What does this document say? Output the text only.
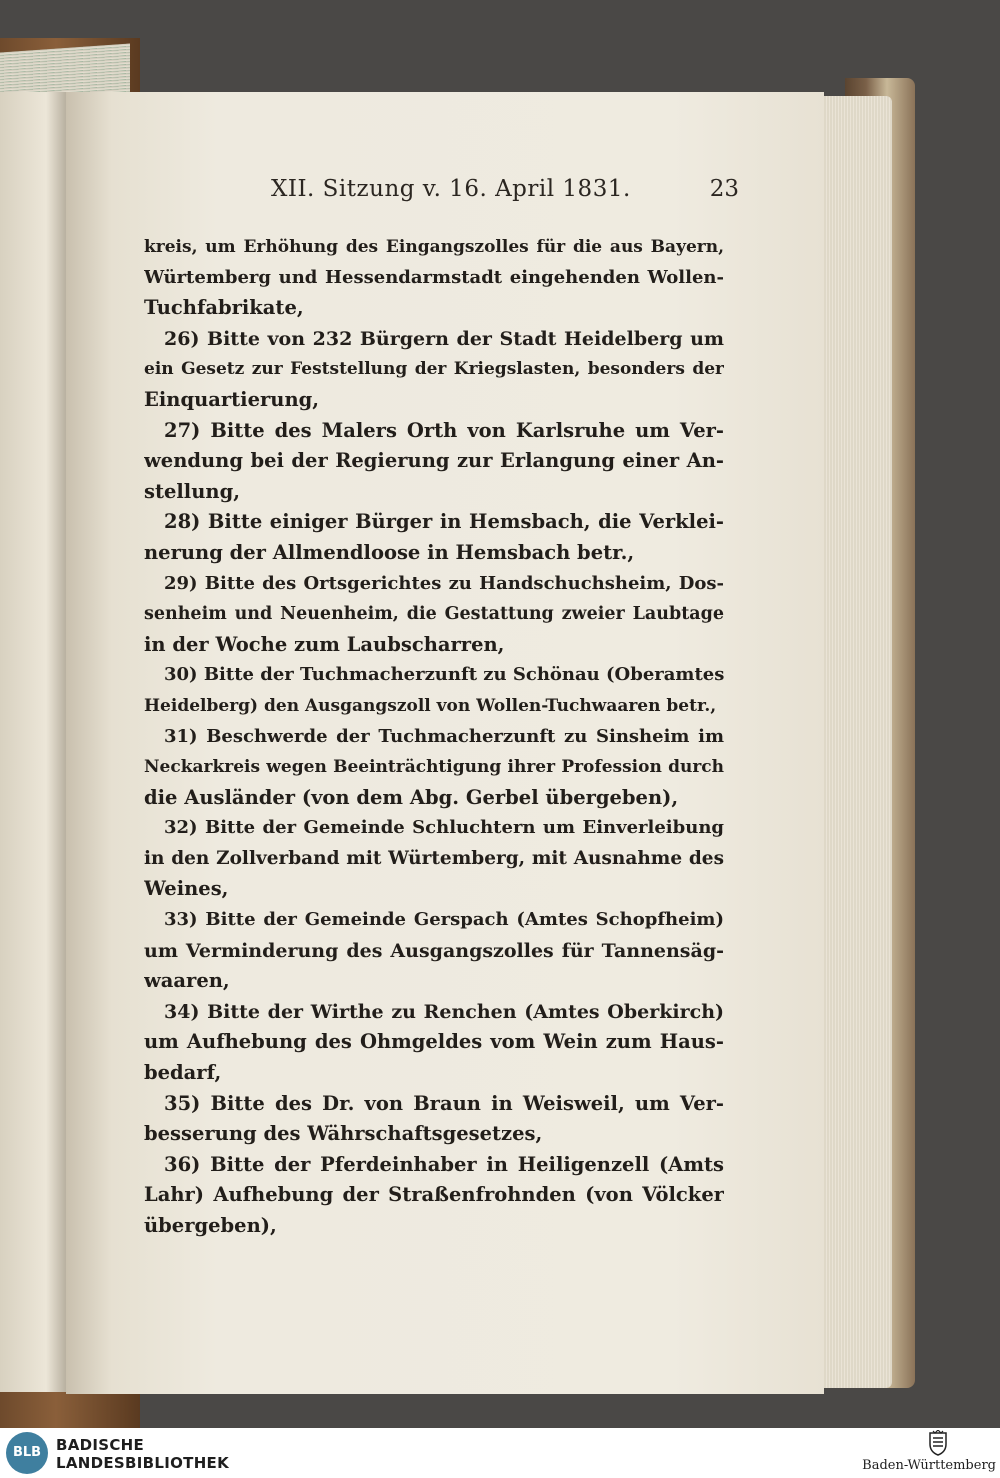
XII. Sitzung v. 16. April 1831.	23
kreis, um Erhöhung des Eingangszolles für die aus Bayern,
Würtemberg und Hessendarmstadt eingehenden Wollen-
Tuchfabrikate,
26) Bitte von 232 Bürgern der Stadt Heidelberg um
ein Gesetz zur Feststellung der Kriegslasten, besonders der
Einquartierung,
27) Bitte des Malers Orth von Karlsruhe um Ver-
wendung bei der Regierung zur Erlangung einer An-
stellung,
28) Bitte einiger Bürger in Hemsbach, die Verklei-
nerung der Allmendloose in Hemsbach betr.,
29) Bitte des Ortsgerichtes zu Handschuchsheim, Dos-
senheim und Neuenheim, die Gestattung zweier Laubtage
in der Woche zum Laubscharren,
30) Bitte der Tuchmacherzunft zu Schönau (Oberamtes
Heidelberg) den Ausgangszoll von Wollen-Tuchwaaren betr.,
31) Beschwerde der Tuchmacherzunft zu Sinsheim im
Neckarkreis wegen Beeinträchtigung ihrer Profession durch
die Ausländer (von dem Abg. Gerbel übergeben),
32) Bitte der Gemeinde Schluchtern um Einverleibung
in den Zollverband mit Würtemberg, mit Ausnahme des
Weines,
33) Bitte der Gemeinde Gerspach (Amtes Schopfheim)
um Verminderung des Ausgangszolles für Tannensäg-
waaren,
34) Bitte der Wirthe zu Renchen (Amtes Oberkirch)
um Aufhebung des Ohmgeldes vom Wein zum Haus-
bedarf,
35) Bitte des Dr. von Braun in Weisweil, um Ver-
besserung des Währschaftsgesetzes,
36) Bitte der Pferdeinhaber in Heiligenzell (Amts
Lahr) Aufhebung der Straßenfrohnden (von Völcker
übergeben),
BLB BADISCHE
LANDESBIBLIOTHEK	Baden-Württemberg
